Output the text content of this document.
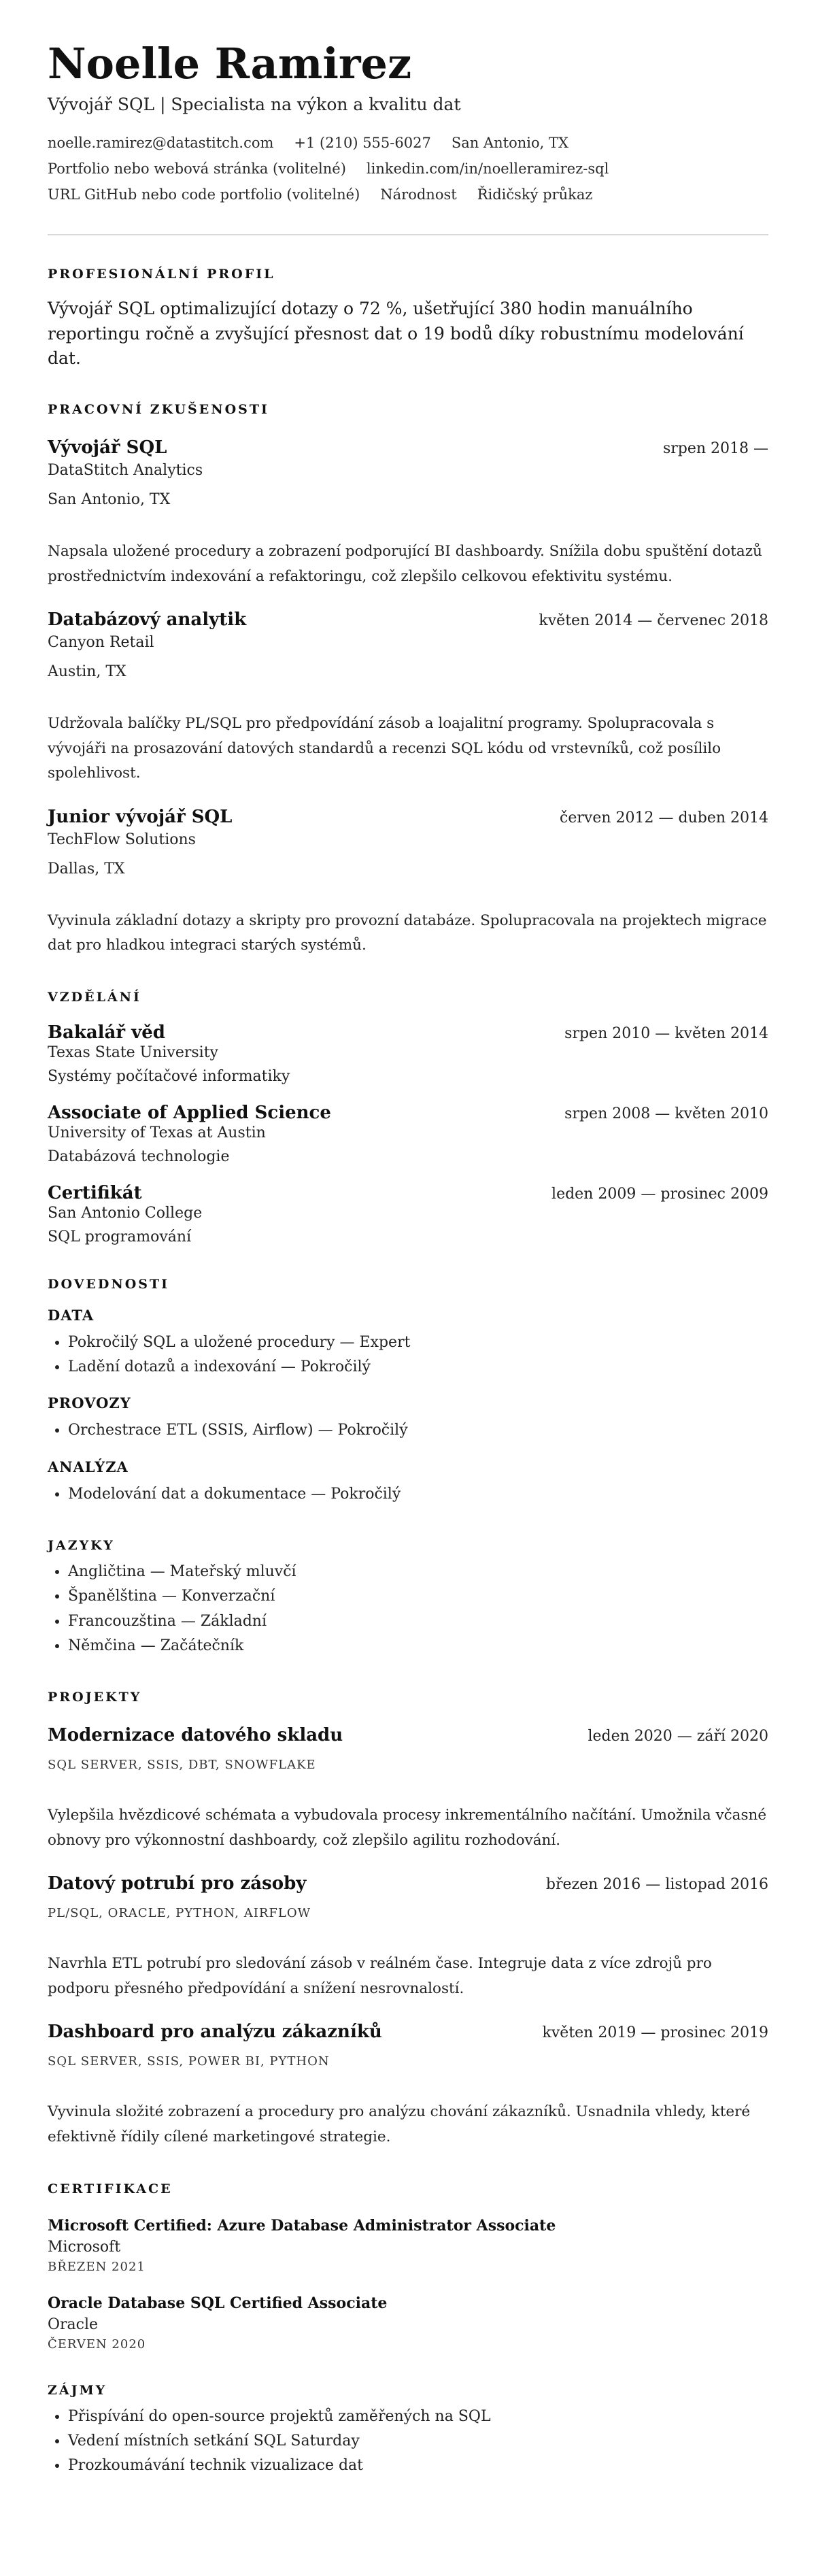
Noelle Ramirez
Vývojář SQL | Specialista na výkon a kvalitu dat
noelle.ramirez@datastitch.com +1 (210) 555-6027 San Antonio, TX
Portfolio nebo webová stránka (volitelné) linkedin.com/in/noelleramirez-sql
URL GitHub nebo code portfolio (volitelné) Národnost Řidičský průkaz
PROFESIONÁLNÍ PROFIL
Vývojář SQL optimalizující dotazy o 72 %, ušetřující 380 hodin manuálního reportingu ročně a zvyšující přesnost dat o 19 bodů díky robustnímu modelování dat.
PRACOVNÍ ZKUŠENOSTI
Vývojář SQL	srpen 2018 —
DataStitch Analytics
San Antonio, TX
Napsala uložené procedury a zobrazení podporující BI dashboardy. Snížila dobu spuštění dotazů prostřednictvím indexování a refaktoringu, což zlepšilo celkovou efektivitu systému.
Databázový analytik	květen 2014 — červenec 2018
Canyon Retail
Austin, TX
Udržovala balíčky PL/SQL pro předpovídání zásob a loajalitní programy. Spolupracovala s vývojáři na prosazování datových standardů a recenzi SQL kódu od vrstevníků, což posílilo spolehlivost.
Junior vývojář SQL	červen 2012 — duben 2014
TechFlow Solutions
Dallas, TX
Vyvinula základní dotazy a skripty pro provozní databáze. Spolupracovala na projektech migrace dat pro hladkou integraci starých systémů.
VZDĚLÁNÍ
Bakalář věd	srpen 2010 — květen 2014
Texas State University
Systémy počítačové informatiky
Associate of Applied Science	srpen 2008 — květen 2010
University of Texas at Austin
Databázová technologie
Certifikát	leden 2009 — prosinec 2009
San Antonio College
SQL programování
DOVEDNOSTI
DATA
• Pokročilý SQL a uložené procedury — Expert
• Ladění dotazů a indexování — Pokročilý
PROVOZY
• Orchestrace ETL (SSIS, Airflow) — Pokročilý
ANALÝZA
• Modelování dat a dokumentace — Pokročilý
JAZYKY
• Angličtina — Mateřský mluvčí
• Španělština — Konverzační
• Francouzština — Základní
• Němčina — Začátečník
PROJEKTY
Modernizace datového skladu	leden 2020 — září 2020
SQL SERVER, SSIS, DBT, SNOWFLAKE
Vylepšila hvězdicové schémata a vybudovala procesy inkrementálního načítání. Umožnila včasné obnovy pro výkonnostní dashboardy, což zlepšilo agilitu rozhodování.
Datový potrubí pro zásoby	březen 2016 — listopad 2016
PL/SQL, ORACLE, PYTHON, AIRFLOW
Navrhla ETL potrubí pro sledování zásob v reálném čase. Integruje data z více zdrojů pro podporu přesného předpovídání a snížení nesrovnalostí.
Dashboard pro analýzu zákazníků	květen 2019 — prosinec 2019
SQL SERVER, SSIS, POWER BI, PYTHON
Vyvinula složité zobrazení a procedury pro analýzu chování zákazníků. Usnadnila vhledy, které efektivně řídily cílené marketingové strategie.
CERTIFIKACE
Microsoft Certified: Azure Database Administrator Associate
Microsoft
BŘEZEN 2021
Oracle Database SQL Certified Associate
Oracle
ČERVEN 2020
ZÁJMY
• Přispívání do open-source projektů zaměřených na SQL
• Vedení místních setkání SQL Saturday
• Prozkoumávání technik vizualizace dat
